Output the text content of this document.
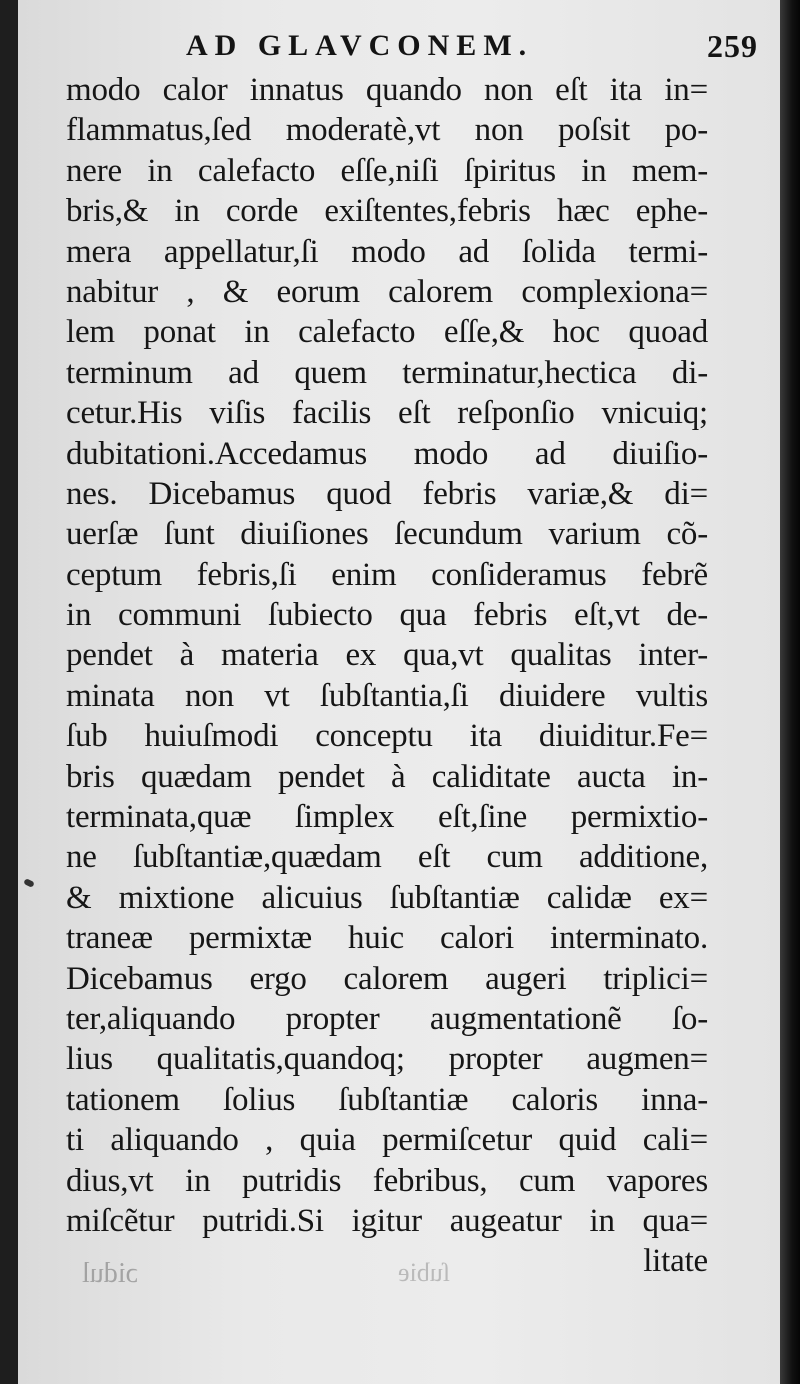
AD GLAVCONEM.	259
modo calor innatus quando non eſt ita in=
flammatus,ſed moderatè,vt non poſsit po-
nere in calefacto eſſe,niſi ſpiritus in mem-
bris,& in corde exiſtentes,febris hæc ephe-
mera appellatur,ſi modo ad ſolida termi-
nabitur , & eorum calorem complexiona=
lem ponat in calefacto eſſe,& hoc quoad
terminum ad quem terminatur,hectica di-
cetur.His viſis facilis eſt reſponſio vnicuiq;
dubitationi.Accedamus modo ad diuiſio-
nes. Dicebamus quod febris variæ,& di=
uerſæ ſunt diuiſiones ſecundum varium cõ-
ceptum febris,ſi enim conſideramus febrẽ
in communi ſubiecto qua febris eſt,vt de-
pendet à materia ex qua,vt qualitas inter-
minata non vt ſubſtantia,ſi diuidere vultis
ſub huiuſmodi conceptu ita diuiditur.Fe=
bris quædam pendet à caliditate aucta in-
terminata,quæ ſimplex eſt,ſine permixtio-
ne ſubſtantiæ,quædam eſt cum additione,
& mixtione alicuius ſubſtantiæ calidæ ex=
traneæ permixtæ huic calori interminato.
Dicebamus ergo calorem augeri triplici=
ter,aliquando propter augmentationẽ ſo-
lius qualitatis,quandoq; propter augmen=
tationem ſolius ſubſtantiæ caloris inna-
ti aliquando , quia permiſcetur quid cali=
dius,vt in putridis febribus, cum vapores
miſcẽtur putridi.Si igitur augeatur in qua=
litate
ɔidul	ſubie
